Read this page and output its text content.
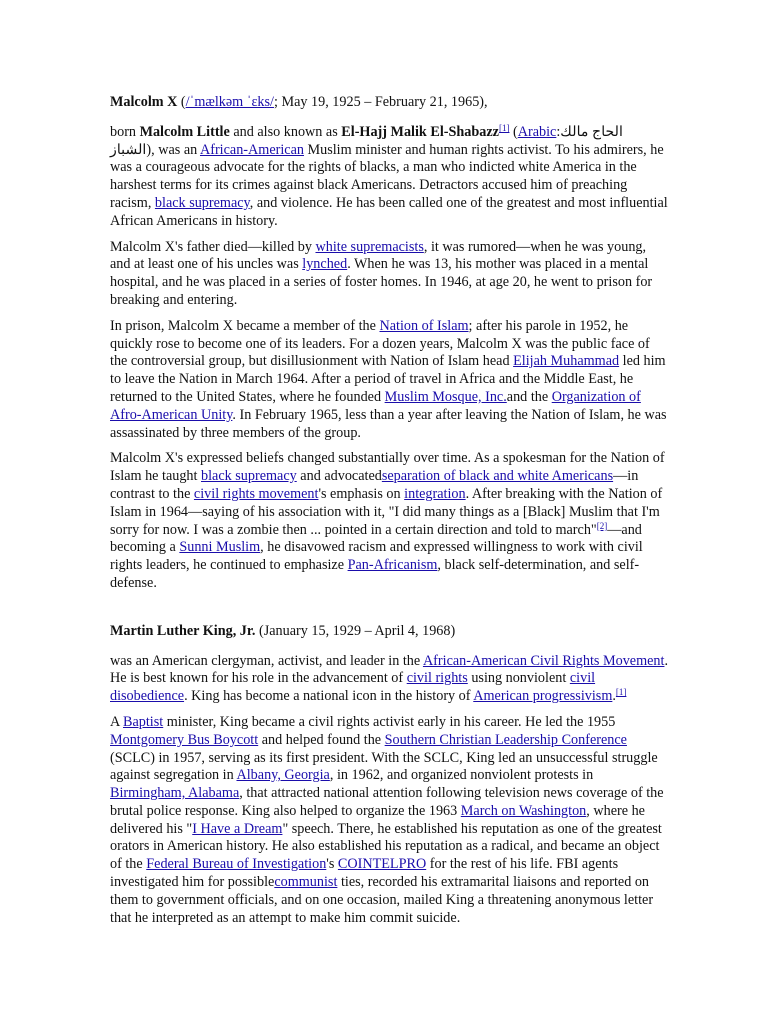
Malcolm X (/ˈmælkəm ˈɛks/; May 19, 1925 – February 21, 1965),

born Malcolm Little and also known as El-Hajj Malik El-Shabazz[1] (Arabic:الحاج مالك الشباز), was an African-American Muslim minister and human rights activist. To his admirers, he was a courageous advocate for the rights of blacks, a man who indicted white America in the harshest terms for its crimes against black Americans. Detractors accused him of preaching racism, black supremacy, and violence. He has been called one of the greatest and most influential African Americans in history.

Malcolm X's father died—killed by white supremacists, it was rumored—when he was young, and at least one of his uncles was lynched. When he was 13, his mother was placed in a mental hospital, and he was placed in a series of foster homes. In 1946, at age 20, he went to prison for breaking and entering.

In prison, Malcolm X became a member of the Nation of Islam; after his parole in 1952, he quickly rose to become one of its leaders. For a dozen years, Malcolm X was the public face of the controversial group, but disillusionment with Nation of Islam head Elijah Muhammad led him to leave the Nation in March 1964. After a period of travel in Africa and the Middle East, he returned to the United States, where he founded Muslim Mosque, Inc.and the Organization of Afro-American Unity. In February 1965, less than a year after leaving the Nation of Islam, he was assassinated by three members of the group.

Malcolm X's expressed beliefs changed substantially over time. As a spokesman for the Nation of Islam he taught black supremacy and advocatedseparation of black and white Americans—in contrast to the civil rights movement's emphasis on integration. After breaking with the Nation of Islam in 1964—saying of his association with it, "I did many things as a [Black] Muslim that I'm sorry for now. I was a zombie then ... pointed in a certain direction and told to march"[2]—and becoming a Sunni Muslim, he disavowed racism and expressed willingness to work with civil rights leaders, he continued to emphasize Pan-Africanism, black self-determination, and self-defense.

Martin Luther King, Jr. (January 15, 1929 – April 4, 1968)

was an American clergyman, activist, and leader in the African-American Civil Rights Movement. He is best known for his role in the advancement of civil rights using nonviolent civil disobedience. King has become a national icon in the history of American progressivism.[1]

A Baptist minister, King became a civil rights activist early in his career. He led the 1955 Montgomery Bus Boycott and helped found the Southern Christian Leadership Conference (SCLC) in 1957, serving as its first president. With the SCLC, King led an unsuccessful struggle against segregation in Albany, Georgia, in 1962, and organized nonviolent protests in Birmingham, Alabama, that attracted national attention following television news coverage of the brutal police response. King also helped to organize the 1963 March on Washington, where he delivered his "I Have a Dream" speech. There, he established his reputation as one of the greatest orators in American history. He also established his reputation as a radical, and became an object of the Federal Bureau of Investigation's COINTELPRO for the rest of his life. FBI agents investigated him for possiblecommunist ties, recorded his extramarital liaisons and reported on them to government officials, and on one occasion, mailed King a threatening anonymous letter that he interpreted as an attempt to make him commit suicide.
